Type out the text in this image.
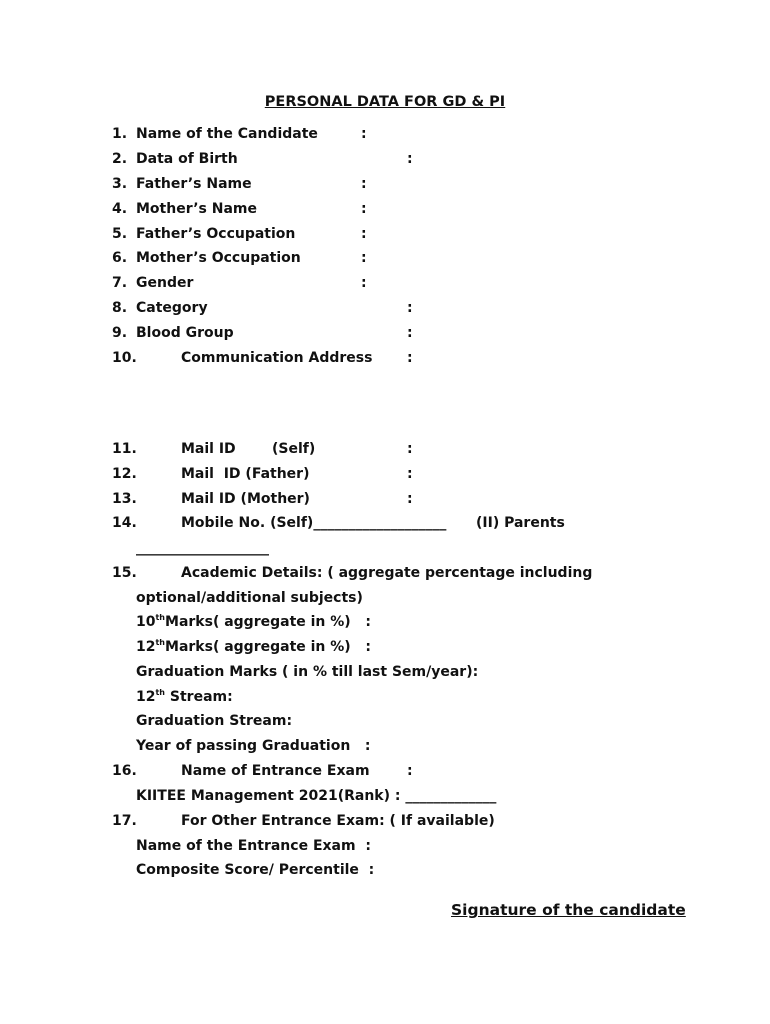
PERSONAL DATA FOR GD & PI
1. Name of the Candidate	:
2. Data of Birth	:
3. Father’s Name	:
4. Mother’s Name	:
5. Father’s Occupation	:
6. Mother’s Occupation	:
7. Gender	:
8. Category	:
9. Blood Group	:
10.	Communication Address :
11.	Mail ID	(Self)	:
12.	Mail  ID (Father)	:
13.	Mail ID (Mother)	:
14.	Mobile No. (Self)___________________ (II) Parents
___________________
15.	Academic Details: ( aggregate percentage including
optional/additional subjects)
10thMarks( aggregate in %)   :
12thMarks( aggregate in %)   :
Graduation Marks ( in % till last Sem/year):
12th Stream:
Graduation Stream:
Year of passing Graduation   :
16.	Name of Entrance Exam	:
KIITEE Management 2021(Rank) : _____________
17.	For Other Entrance Exam: ( If available)
Name of the Entrance Exam  :
Composite Score/ Percentile  :
Signature of the candidate
